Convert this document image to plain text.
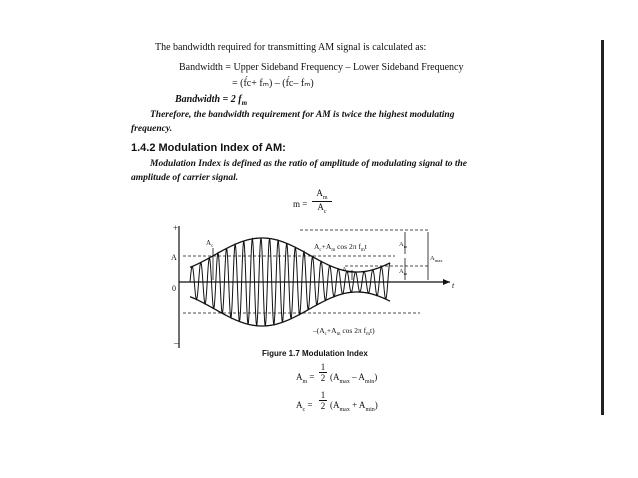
The bandwidth required for transmitting AM signal is calculated as:
Bandwidth = Upper Sideband Frequency – Lower Sideband Frequency
= (f́c+ fₘ) – (f́c– fₘ)
Bandwidth = 2 $f_m$
Therefore, the bandwidth requirement for AM is twice the highest modulating
frequency.
1.4.2 Modulation Index of AM:
Modulation Index is defined as the ratio of amplitude of modulating signal to the
amplitude of carrier signal.
m =
$A_m$
$A_c$
+
A
0
–
t
$A_c$	$A_c+A_m$ cos 2π $f_mt$
$A_{min}$
$A_m$
$A_m$
$A_{max}$
$-(A_c+A_m$ cos 2π $f_mt$)
Figure 1.7 Modulation Index
$A_m$ =
1
2 $(A_{max} - A_{min})$
$A_c$ =
1
2 $(A_{max} + A_{min})$
